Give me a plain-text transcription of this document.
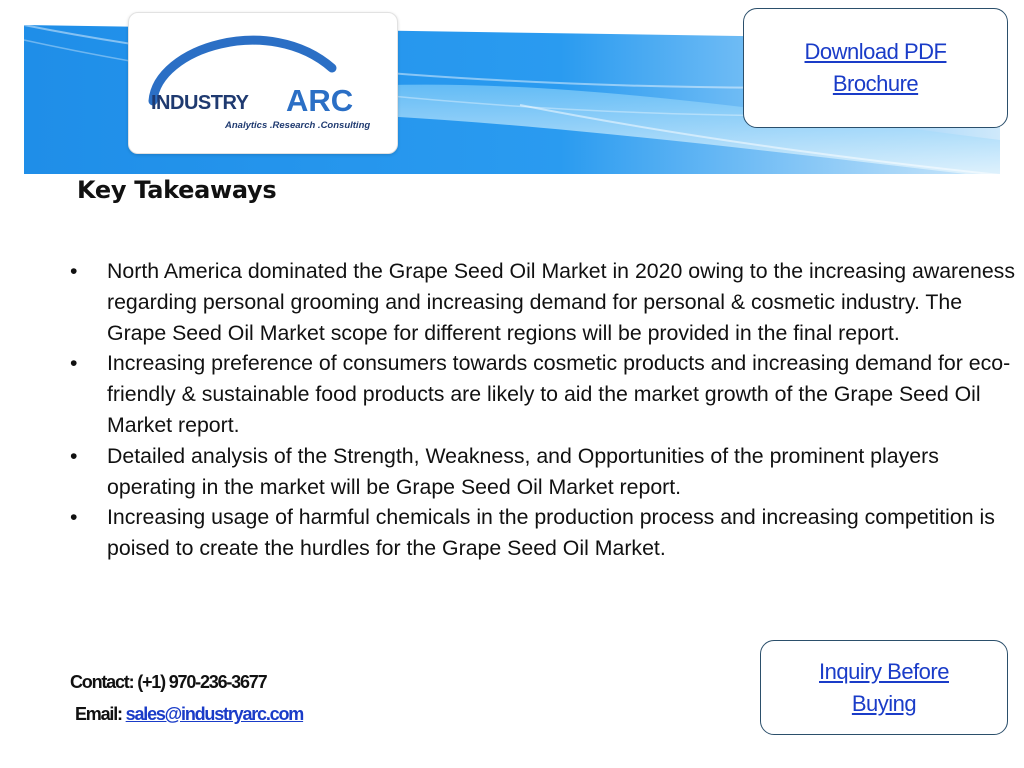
INDUSTRY ARC
Analytics .Research .Consulting
Download PDF Brochure
Key Takeaways
• North America dominated the Grape Seed Oil Market in 2020 owing to the increasing awareness regarding personal grooming and increasing demand for personal & cosmetic industry. The Grape Seed Oil Market scope for different regions will be provided in the final report.
• Increasing preference of consumers towards cosmetic products and increasing demand for eco-friendly & sustainable food products are likely to aid the market growth of the Grape Seed Oil Market report.
• Detailed analysis of the Strength, Weakness, and Opportunities of the prominent players operating in the market will be Grape Seed Oil Market report.
• Increasing usage of harmful chemicals in the production process and increasing competition is poised to create the hurdles for the Grape Seed Oil Market.
Contact: (+1) 970-236-3677
Email: sales@industryarc.com
Inquiry Before Buying
